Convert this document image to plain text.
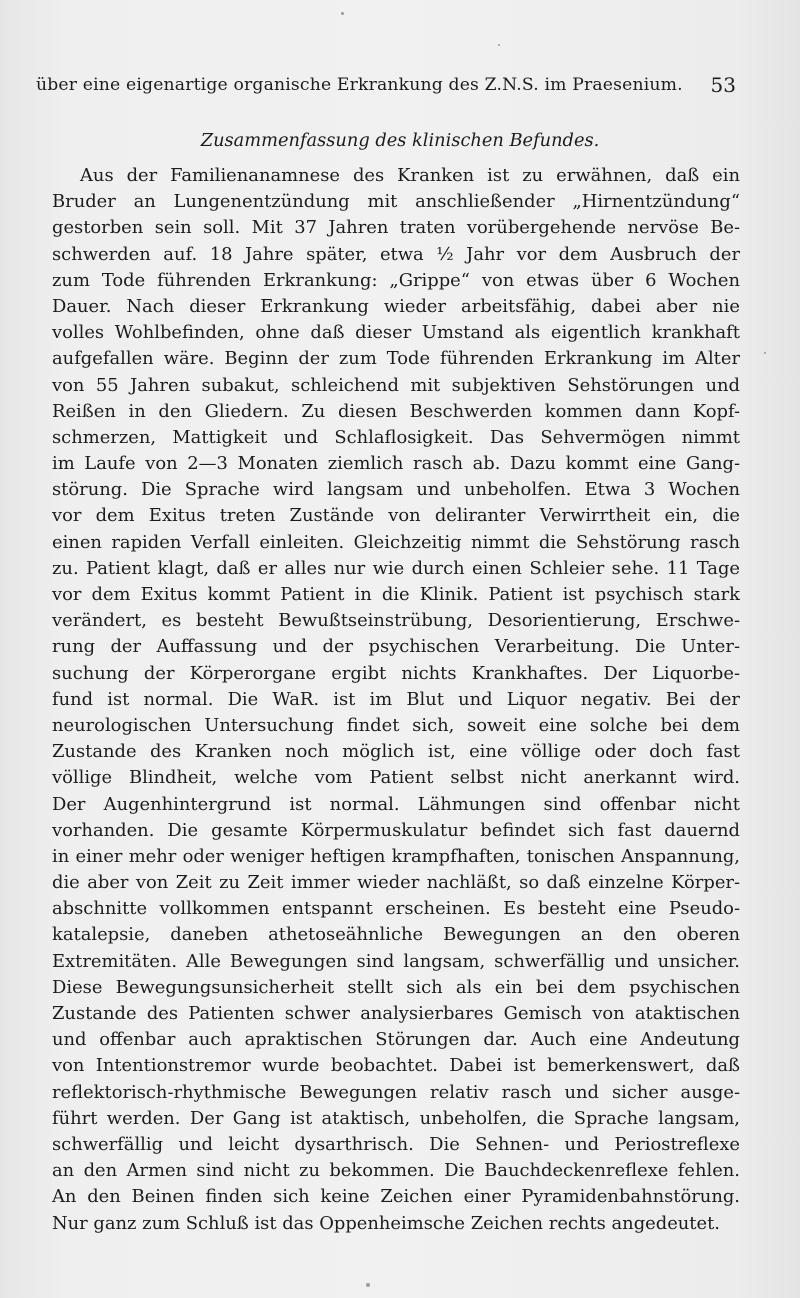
über eine eigenartige organische Erkrankung des Z.N.S. im Praesenium. 53
Zusammenfassung des klinischen Befundes.
Aus der Familienanamnese des Kranken ist zu erwähnen, daß ein
Bruder an Lungenentzündung mit anschließender „Hirnentzündung“
gestorben sein soll. Mit 37 Jahren traten vorübergehende nervöse Be-
schwerden auf. 18 Jahre später, etwa ½ Jahr vor dem Ausbruch der
zum Tode führenden Erkrankung: „Grippe“ von etwas über 6 Wochen
Dauer. Nach dieser Erkrankung wieder arbeitsfähig, dabei aber nie
volles Wohlbefinden, ohne daß dieser Umstand als eigentlich krankhaft
aufgefallen wäre. Beginn der zum Tode führenden Erkrankung im Alter
von 55 Jahren subakut, schleichend mit subjektiven Sehstörungen und
Reißen in den Gliedern. Zu diesen Beschwerden kommen dann Kopf-
schmerzen, Mattigkeit und Schlaflosigkeit. Das Sehvermögen nimmt
im Laufe von 2—3 Monaten ziemlich rasch ab. Dazu kommt eine Gang-
störung. Die Sprache wird langsam und unbeholfen. Etwa 3 Wochen
vor dem Exitus treten Zustände von deliranter Verwirrtheit ein, die
einen rapiden Verfall einleiten. Gleichzeitig nimmt die Sehstörung rasch
zu. Patient klagt, daß er alles nur wie durch einen Schleier sehe. 11 Tage
vor dem Exitus kommt Patient in die Klinik. Patient ist psychisch stark
verändert, es besteht Bewußtseinstrübung, Desorientierung, Erschwe-
rung der Auffassung und der psychischen Verarbeitung. Die Unter-
suchung der Körperorgane ergibt nichts Krankhaftes. Der Liquorbe-
fund ist normal. Die WaR. ist im Blut und Liquor negativ. Bei der
neurologischen Untersuchung findet sich, soweit eine solche bei dem
Zustande des Kranken noch möglich ist, eine völlige oder doch fast
völlige Blindheit, welche vom Patient selbst nicht anerkannt wird.
Der Augenhintergrund ist normal. Lähmungen sind offenbar nicht
vorhanden. Die gesamte Körpermuskulatur befindet sich fast dauernd
in einer mehr oder weniger heftigen krampfhaften, tonischen Anspannung,
die aber von Zeit zu Zeit immer wieder nachläßt, so daß einzelne Körper-
abschnitte vollkommen entspannt erscheinen. Es besteht eine Pseudo-
katalepsie, daneben athetoseähnliche Bewegungen an den oberen
Extremitäten. Alle Bewegungen sind langsam, schwerfällig und unsicher.
Diese Bewegungsunsicherheit stellt sich als ein bei dem psychischen
Zustande des Patienten schwer analysierbares Gemisch von ataktischen
und offenbar auch apraktischen Störungen dar. Auch eine Andeutung
von Intentionstremor wurde beobachtet. Dabei ist bemerkenswert, daß
reflektorisch-rhythmische Bewegungen relativ rasch und sicher ausge-
führt werden. Der Gang ist ataktisch, unbeholfen, die Sprache langsam,
schwerfällig und leicht dysarthrisch. Die Sehnen- und Periostreflexe
an den Armen sind nicht zu bekommen. Die Bauchdeckenreflexe fehlen.
An den Beinen finden sich keine Zeichen einer Pyramidenbahnstörung.
Nur ganz zum Schluß ist das Oppenheimsche Zeichen rechts angedeutet.
